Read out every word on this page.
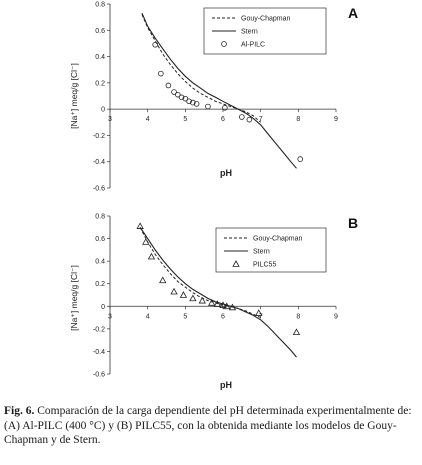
A
[Na⁺] meq/g [Cl⁻]
pH
0.8
0.6
0.4
0.2
0
-0.2
-0.4
-0.6
3	4	5	6	7	8	9
Gouy-Chapman
Stern
Al-PILC
B
[Na⁺] meq/g [Cl⁻]
pH
0.8
0.6
0.4
0.2
0
-0.2
-0.4
-0.6
3	4	5	6	7	8	9
Gouy-Chapman
Stern
PILC55
Fig. 6. Comparación de la carga dependiente del pH determinada experimentalmente de: (A) Al-PILC (400 °C) y (B) PILC55, con la obtenida mediante los modelos de Gouy-Chapman y de Stern.
